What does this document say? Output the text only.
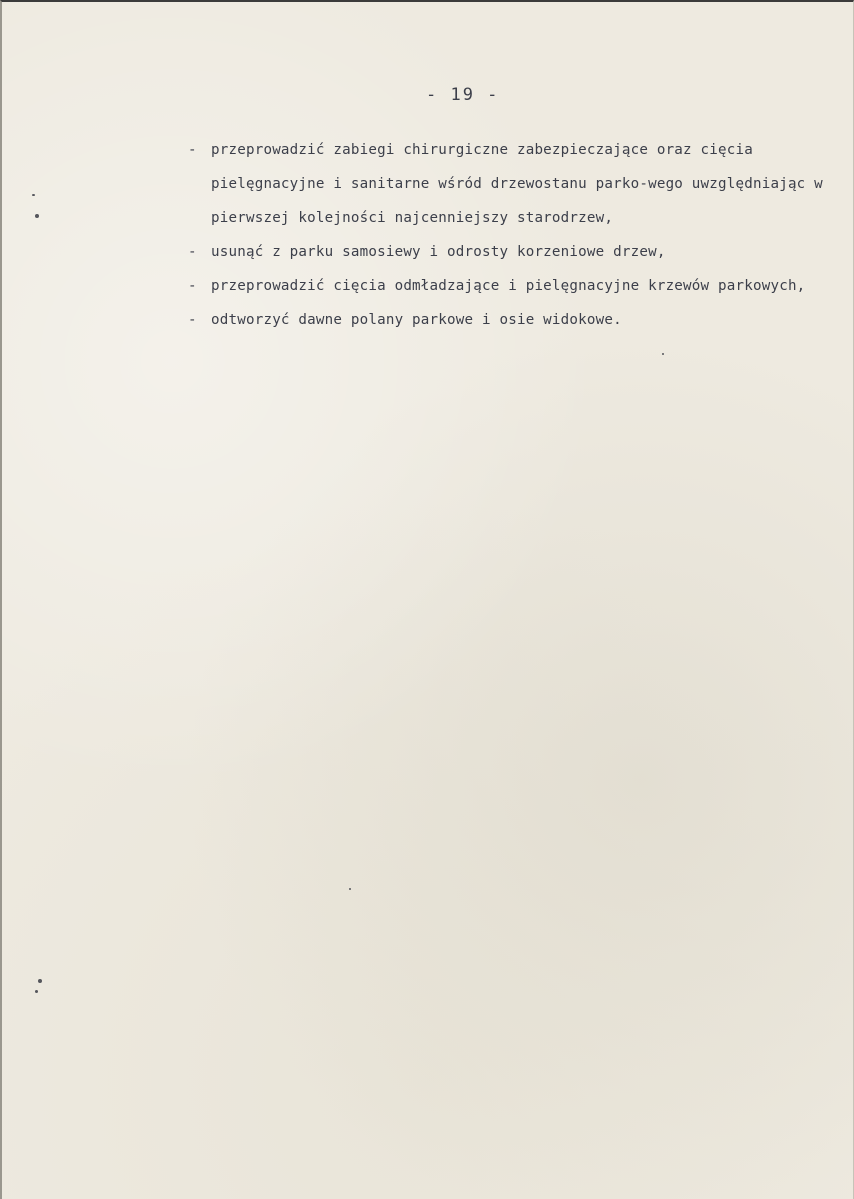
- 19 -
- przeprowadzić zabiegi chirurgiczne zabezpieczające oraz cięcia pielęgnacyjne i sanitarne wśród drzewostanu parko-wego uwzględniając w pierwszej kolejności najcenniejszy starodrzew,
- usunąć z parku samosiewy i odrosty korzeniowe drzew,
- przeprowadzić cięcia odmładzające i pielęgnacyjne krzewów parkowych,
- odtworzyć dawne polany parkowe i osie widokowe.
